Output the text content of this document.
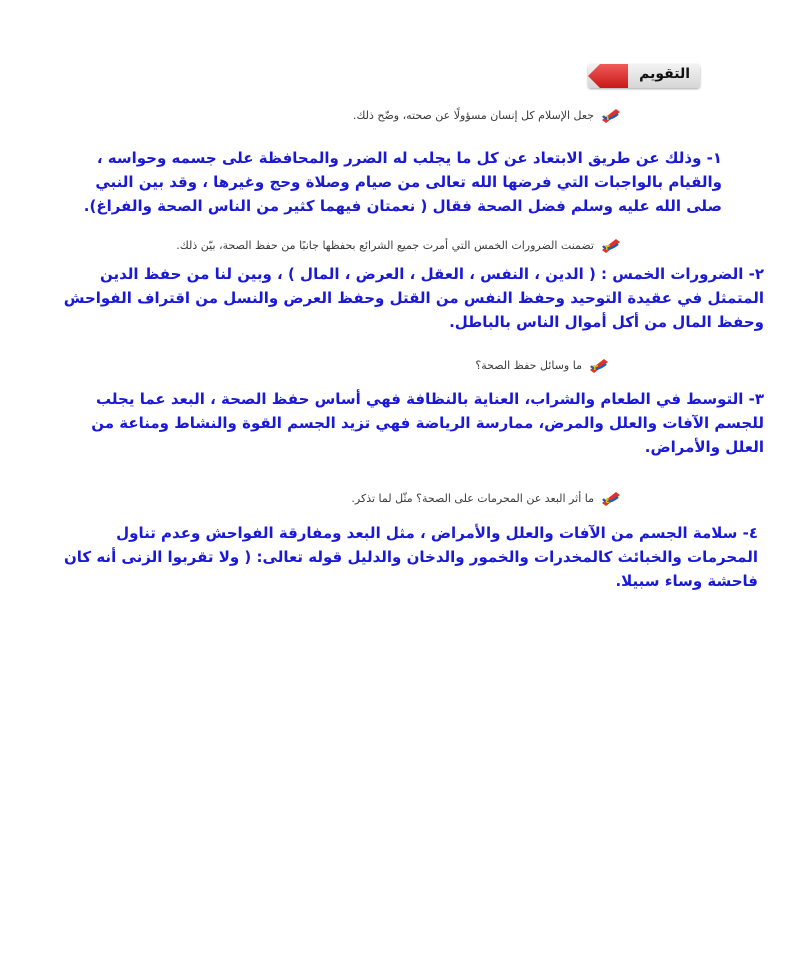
التقويم
١
جعل الإسلام كل إنسان مسؤولًا عن صحته، وضّح ذلك.

١- وذلك عن طريق الابتعاد عن كل ما يجلب له الضرر والمحافظة على جسمه وحواسه ، والقيام بالواجبات التي فرضها الله تعالى من صيام وصلاة وحج وغيرها ، وقد بين النبي صلى الله عليه وسلم فضل الصحة فقال ( نعمتان فيهما كثير من الناس الصحة والفراغ).

٢
تضمنت الضرورات الخمس التي أمرت جميع الشرائع بحفظها جانبًا من حفظ الصحة، بيّن ذلك.

٢- الضرورات الخمس : ( الدين ، النفس ، العقل ، العرض ، المال ) ، وبين لنا من حفظ الدين المتمثل في عقيدة التوحيد وحفظ النفس من القتل وحفظ العرض والنسل من اقتراف الفواحش وحفظ المال من أكل أموال الناس بالباطل.

٣
ما وسائل حفظ الصحة؟

٣- التوسط في الطعام والشراب، العناية بالنظافة فهي أساس حفظ الصحة ، البعد عما يجلب للجسم الآفات والعلل والمرض، ممارسة الرياضة فهي تزيد الجسم القوة والنشاط ومناعة من العلل والأمراض.

٤
ما أثر البعد عن المحرمات على الصحة؟ مثّل لما تذكر.

٤- سلامة الجسم من الآفات والعلل والأمراض ، مثل البعد ومفارقة الفواحش وعدم تناول المحرمات والخبائث كالمخدرات والخمور والدخان والدليل قوله تعالى: ( ولا تقربوا الزنى أنه كان فاحشة وساء سبيلا.
